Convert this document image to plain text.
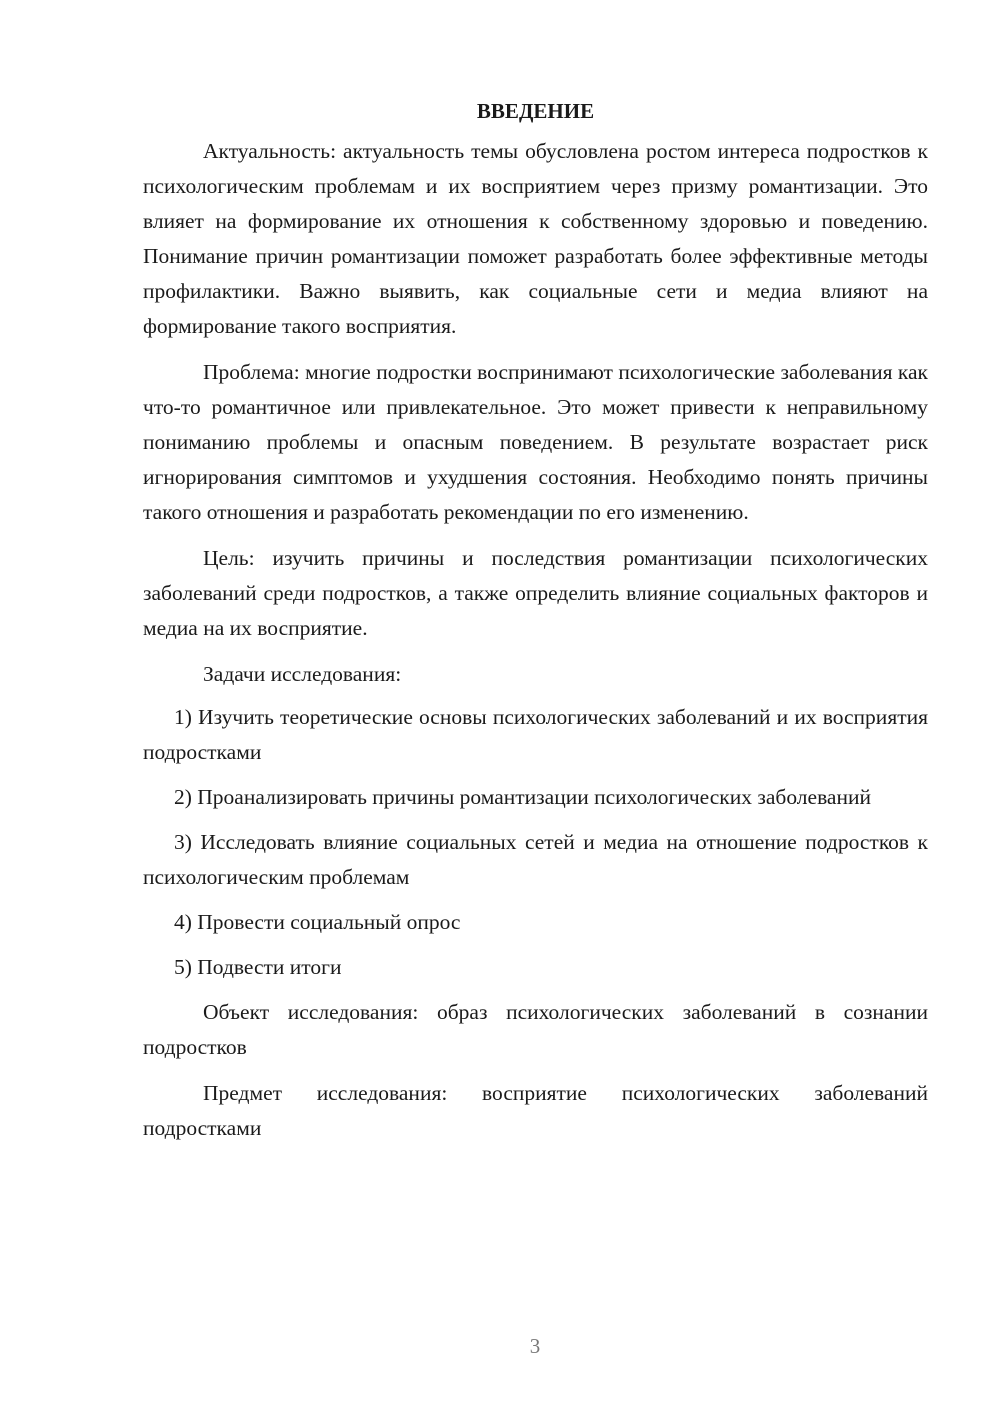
ВВЕДЕНИЕ

Актуальность: актуальность темы обусловлена ростом интереса подростков к психологическим проблемам и их восприятием через призму романтизации. Это влияет на формирование их отношения к собственному здоровью и поведению. Понимание причин романтизации поможет разработать более эффективные методы профилактики. Важно выявить, как социальные сети и медиа влияют на формирование такого восприятия.

Проблема: многие подростки воспринимают психологические заболевания как что-то романтичное или привлекательное. Это может привести к неправильному пониманию проблемы и опасным поведением. В результате возрастает риск игнорирования симптомов и ухудшения состояния. Необходимо понять причины такого отношения и разработать рекомендации по его изменению.

Цель: изучить причины и последствия романтизации психологических заболеваний среди подростков, а также определить влияние социальных факторов и медиа на их восприятие.

Задачи исследования:

1) Изучить теоретические основы психологических заболеваний и их восприятия подростками

2) Проанализировать причины романтизации психологических заболеваний

3) Исследовать влияние социальных сетей и медиа на отношение подростков к психологическим проблемам

4) Провести социальный опрос

5) Подвести итоги

Объект исследования: образ психологических заболеваний в сознании подростков

Предмет исследования: восприятие психологических заболеваний подростками

3
